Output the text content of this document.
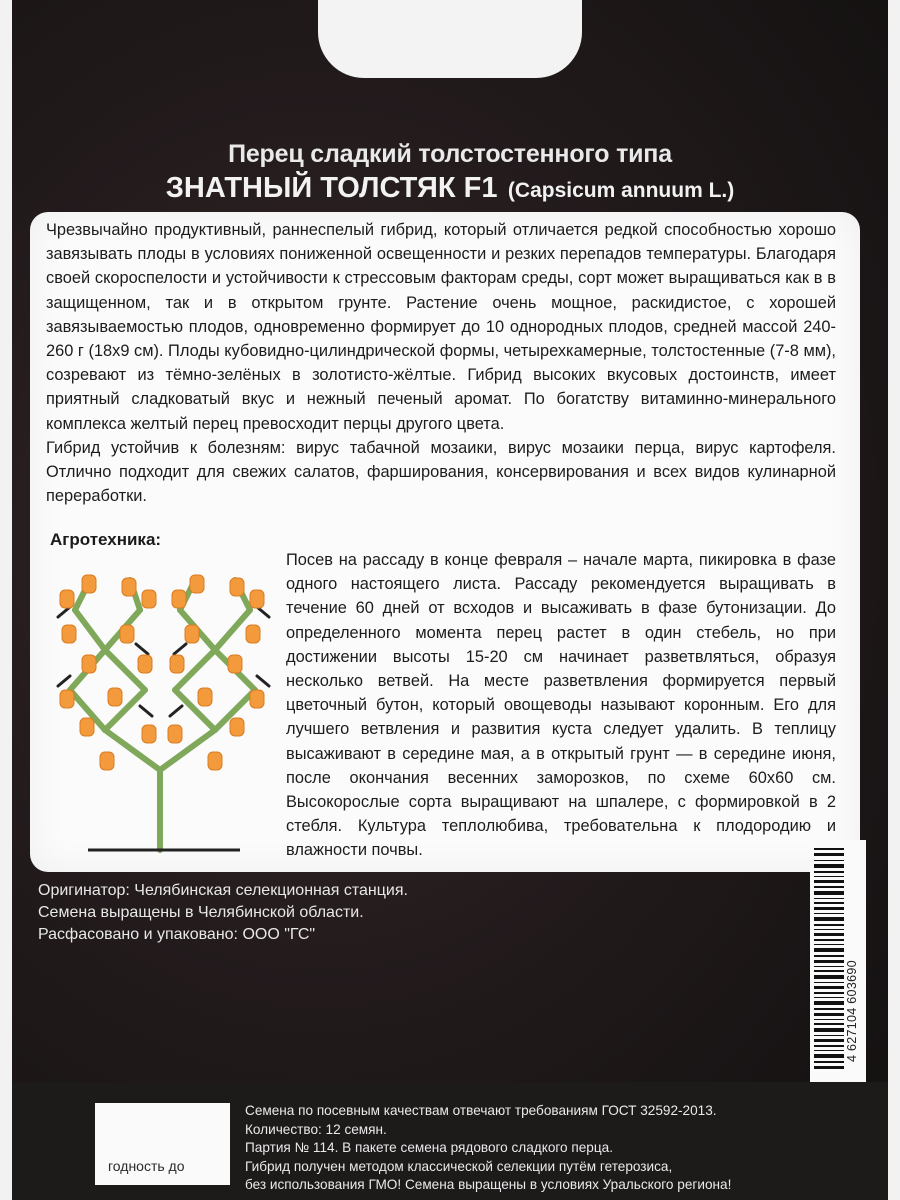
Перец сладкий толстостенного типа
ЗНАТНЫЙ ТОЛСТЯК F1 (Capsicum annuum L.)

Чрезвычайно продуктивный, раннеспелый гибрид, который отличается редкой способностью хорошо завязывать плоды в условиях пониженной освещенности и резких перепадов температуры. Благодаря своей скороспелости и устойчивости к стрессовым факторам среды, сорт может выращиваться как в в защищенном, так и в открытом грунте. Растение очень мощное, раскидистое, с хорошей завязываемостью плодов, одновременно формирует до 10 однородных плодов, средней массой 240-260 г (18x9 см). Плоды кубовидно-цилиндрической формы, четырехкамерные, толстостенные (7-8 мм), созревают из тёмно-зелёных в золотисто-жёлтые. Гибрид высоких вкусовых достоинств, имеет приятный сладковатый вкус и нежный печеный аромат. По богатству витаминно-минерального комплекса желтый перец превосходит перцы другого цвета.

Гибрид устойчив к болезням: вирус табачной мозаики, вирус мозаики перца, вирус картофеля. Отлично подходит для свежих салатов, фарширования, консервирования и всех видов кулинарной переработки.

Агротехника:
Посев на рассаду в конце февраля – начале марта, пикировка в фазе одного настоящего листа. Рассаду рекомендуется выращивать в течение 60 дней от всходов и высаживать в фазе бутонизации. До определенного момента перец растет в один стебель, но при достижении высоты 15-20 см начинает разветвляться, образуя несколько ветвей. На месте разветвления формируется первый цветочный бутон, который овощеводы называют коронным. Его для лучшего ветвления и развития куста следует удалить. В теплицу высаживают в середине мая, а в открытый грунт — в середине июня, после окончания весенних заморозков, по схеме 60x60 см. Высокорослые сорта выращивают на шпалере, с формировкой в 2 стебля. Культура теплолюбива, требовательна к плодородию и влажности почвы.
Оригинатор: Челябинская селекционная станция.
Семена выращены в Челябинской области.
Расфасовано и упаковано: ООО "ГС"
4 627104 603690
годность до
Семена по посевным качествам отвечают требованиям ГОСТ 32592-2013.
Количество: 12 семян.
Партия № 114. В пакете семена рядового сладкого перца.
Гибрид получен методом классической селекции путём гетерозиса,
без использования ГМО! Семена выращены в условиях Уральского региона!
